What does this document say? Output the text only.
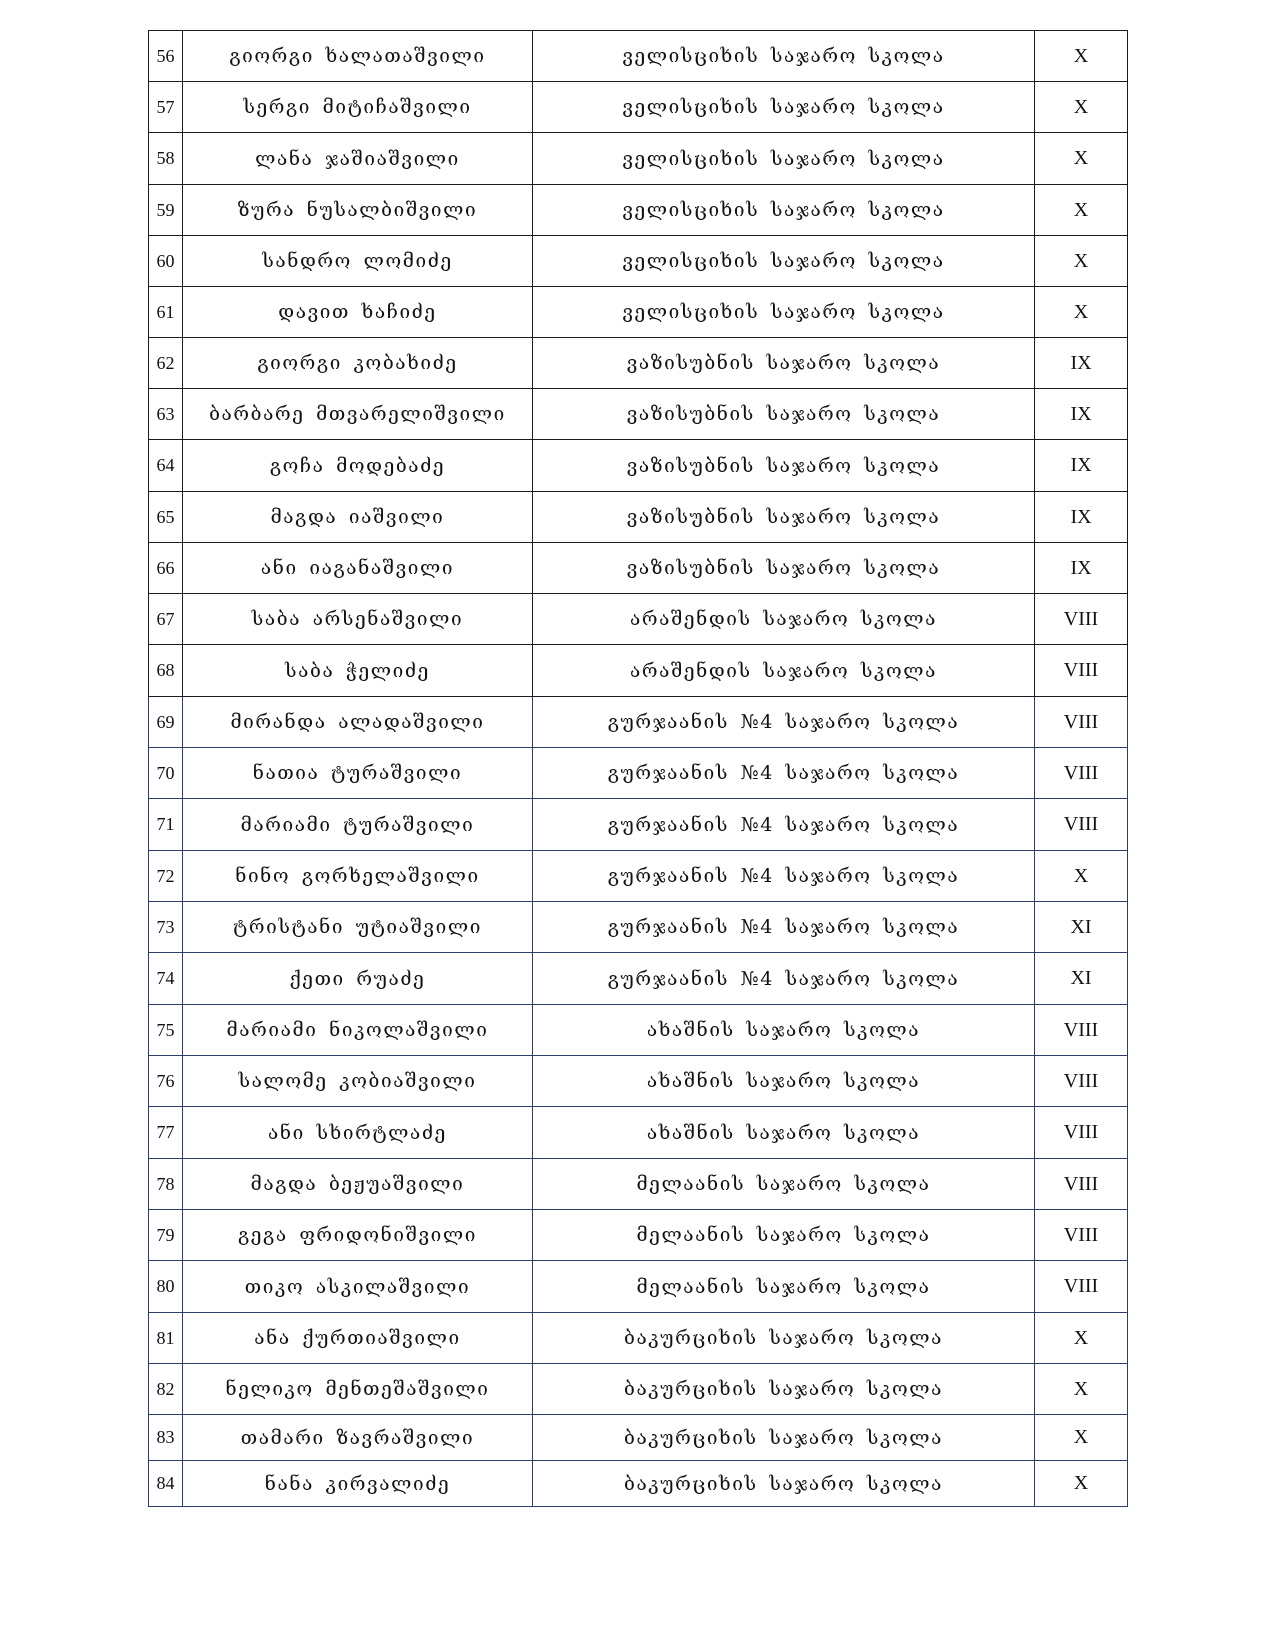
56	გიორგი ხალათაშვილი	ველისციხის საჯარო სკოლა	X
57	სერგი მიტიჩაშვილი	ველისციხის საჯარო სკოლა	X
58	ლანა ჯაშიაშვილი	ველისციხის საჯარო სკოლა	X
59	ზურა ნუსალბიშვილი	ველისციხის საჯარო სკოლა	X
60	სანდრო ლომიძე	ველისციხის საჯარო სკოლა	X
61	დავით ხაჩიძე	ველისციხის საჯარო სკოლა	X
62	გიორგი კობახიძე	ვაზისუბნის საჯარო სკოლა	IX
63	ბარბარე მთვარელიშვილი	ვაზისუბნის საჯარო სკოლა	IX
64	გოჩა მოდებაძე	ვაზისუბნის საჯარო სკოლა	IX
65	მაგდა იაშვილი	ვაზისუბნის საჯარო სკოლა	IX
66	ანი იაგანაშვილი	ვაზისუბნის საჯარო სკოლა	IX
67	საბა არსენაშვილი	არაშენდის საჯარო სკოლა	VIII
68	საბა ჭელიძე	არაშენდის საჯარო სკოლა	VIII
69	მირანდა ალადაშვილი	გურჯაანის №4 საჯარო სკოლა	VIII
70	ნათია ტურაშვილი	გურჯაანის №4 საჯარო სკოლა	VIII
71	მარიამი ტურაშვილი	გურჯაანის №4 საჯარო სკოლა	VIII
72	ნინო გორხელაშვილი	გურჯაანის №4 საჯარო სკოლა	X
73	ტრისტანი უტიაშვილი	გურჯაანის №4 საჯარო სკოლა	XI
74	ქეთი რუაძე	გურჯაანის №4 საჯარო სკოლა	XI
75	მარიამი ნიკოლაშვილი	ახაშნის საჯარო სკოლა	VIII
76	სალომე კობიაშვილი	ახაშნის საჯარო სკოლა	VIII
77	ანი სხირტლაძე	ახაშნის საჯარო სკოლა	VIII
78	მაგდა ბეჟუაშვილი	მელაანის საჯარო სკოლა	VIII
79	გეგა ფრიდონიშვილი	მელაანის საჯარო სკოლა	VIII
80	თიკო ასკილაშვილი	მელაანის საჯარო სკოლა	VIII
81	ანა ქურთიაშვილი	ბაკურციხის საჯარო სკოლა	X
82	ნელიკო მენთეშაშვილი	ბაკურციხის საჯარო სკოლა	X
83	თამარი ზავრაშვილი	ბაკურციხის საჯარო სკოლა	X
84	ნანა კირვალიძე	ბაკურციხის საჯარო სკოლა	X
